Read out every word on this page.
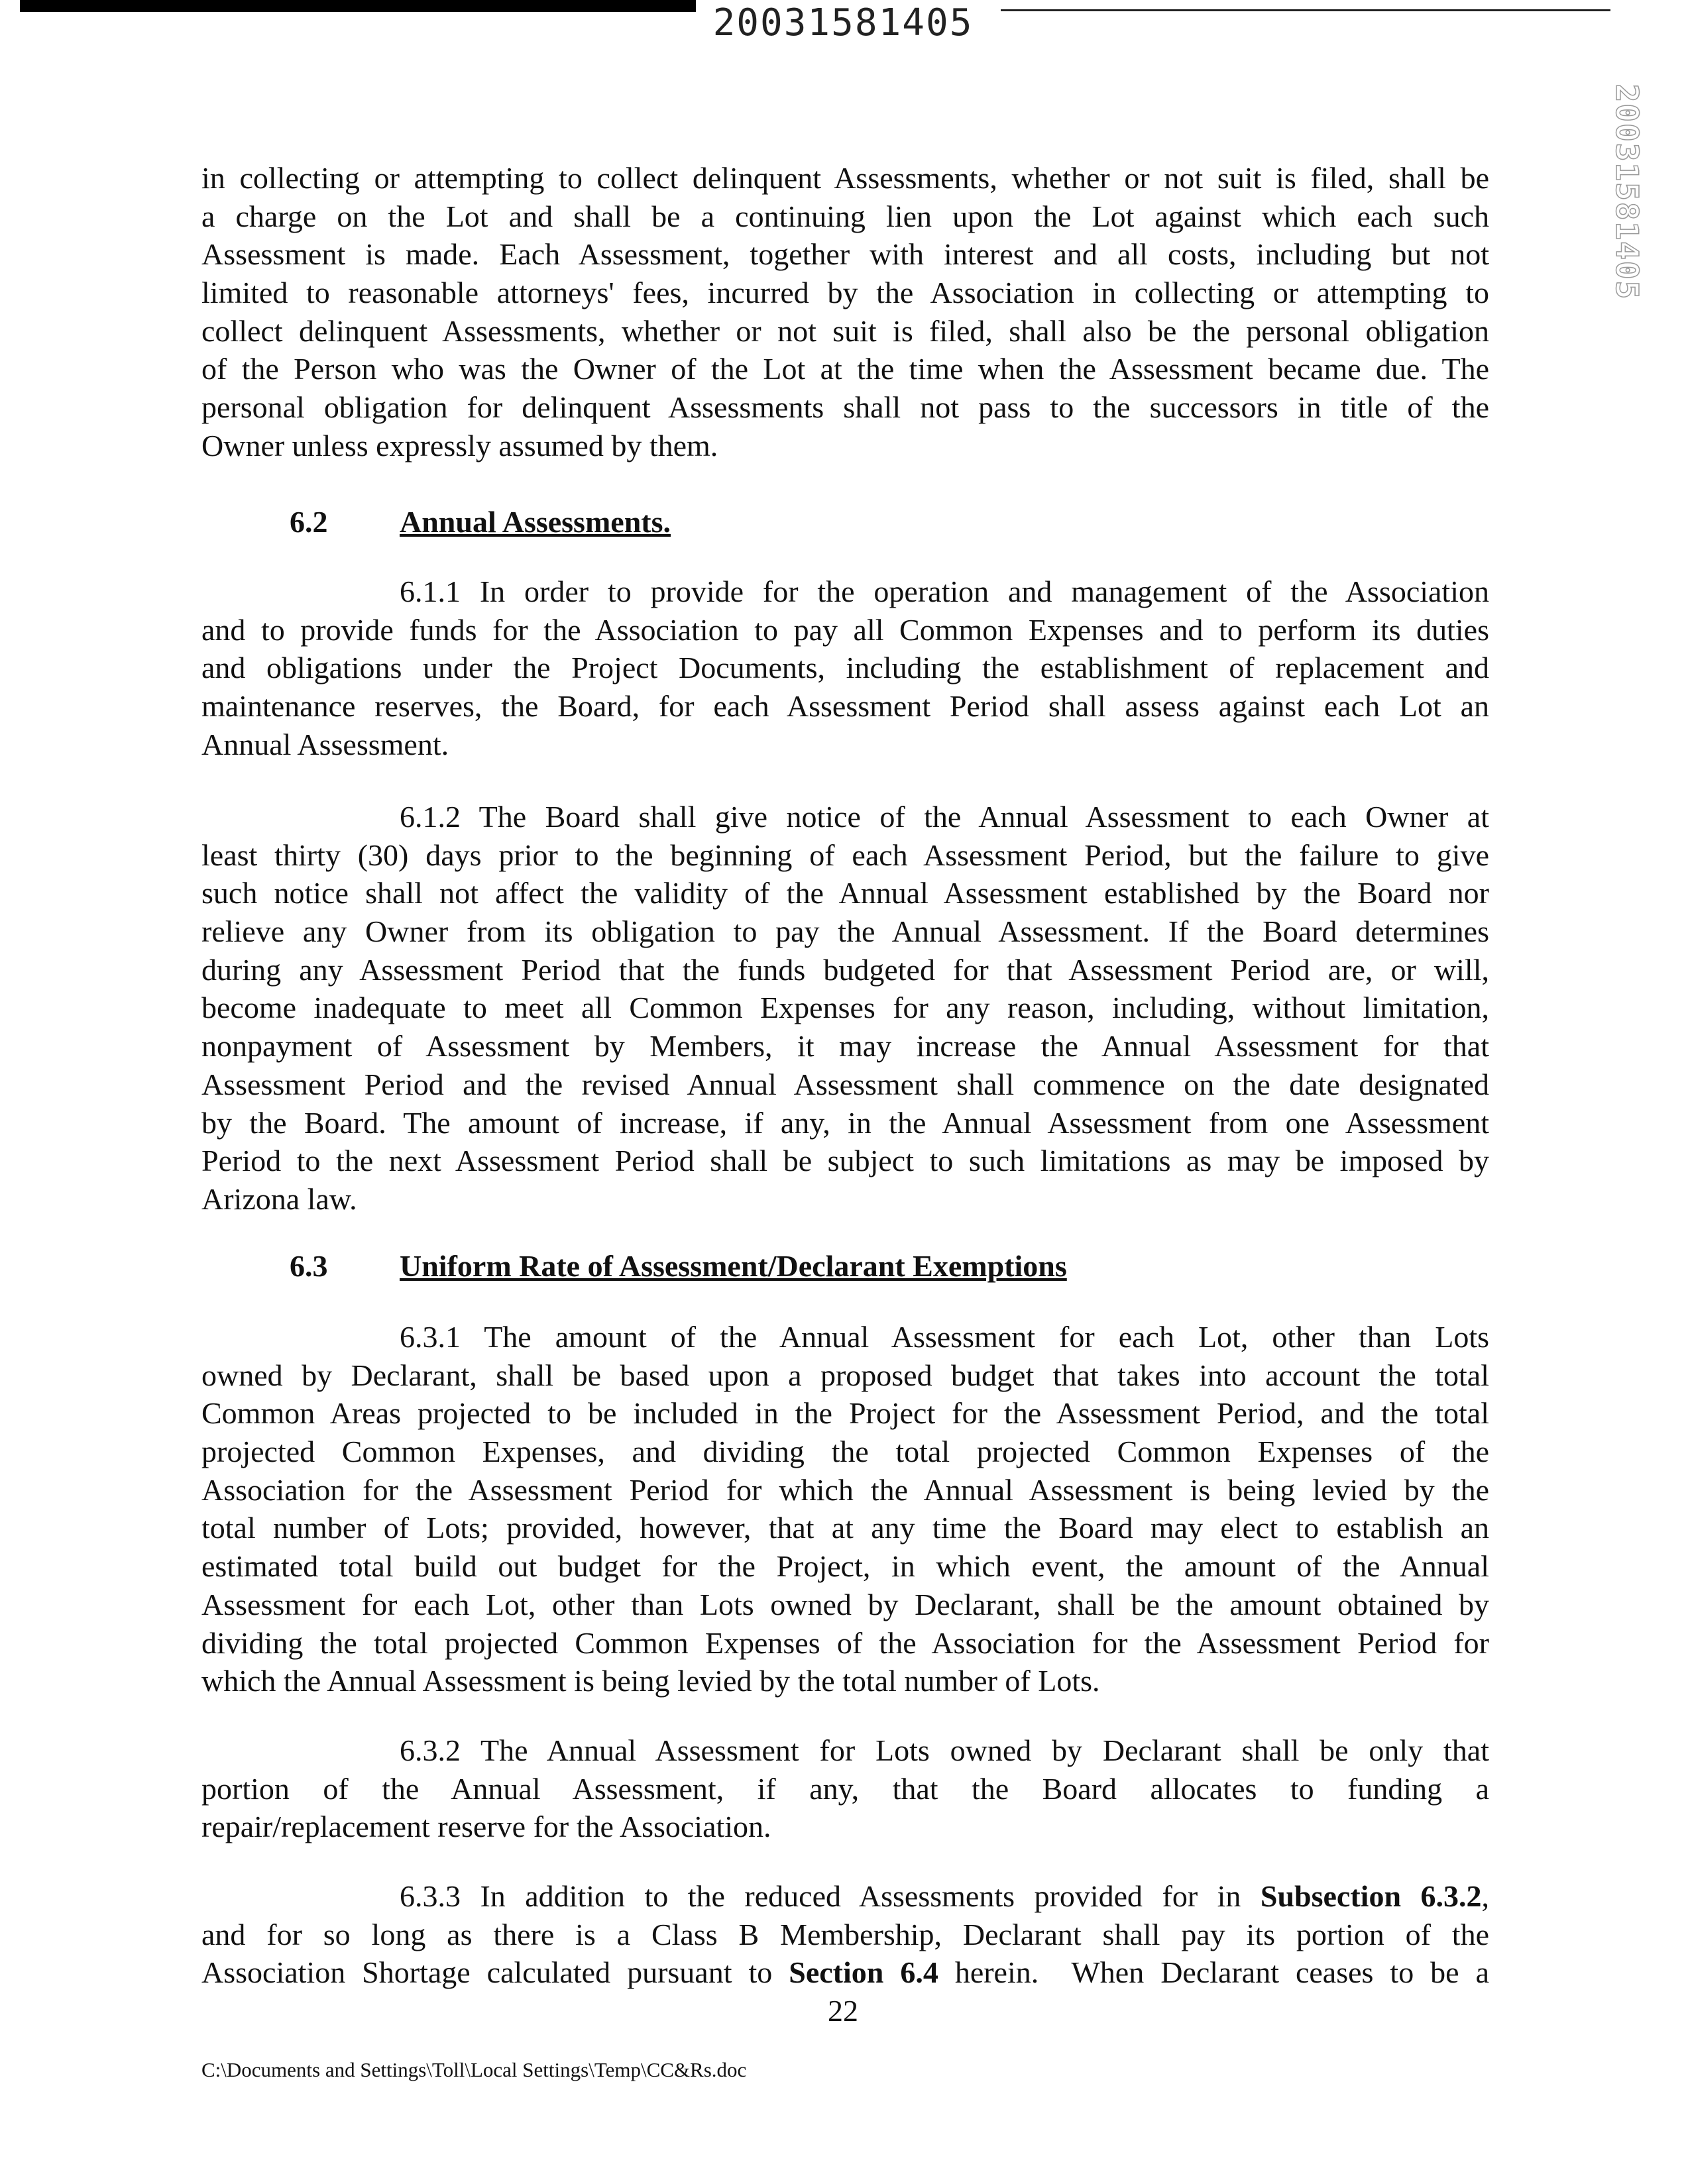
20031581405
20031581405
in collecting or attempting to collect delinquent Assessments, whether or not suit is filed, shall be
a charge on the Lot and shall be a continuing lien upon the Lot against which each such
Assessment is made. Each Assessment, together with interest and all costs, including but not
limited to reasonable attorneys' fees, incurred by the Association in collecting or attempting to
collect delinquent Assessments, whether or not suit is filed, shall also be the personal obligation
of the Person who was the Owner of the Lot at the time when the Assessment became due. The
personal obligation for delinquent Assessments shall not pass to the successors in title of the
Owner unless expressly assumed by them.
6.2 Annual Assessments.
6.1.1 In order to provide for the operation and management of the Association
and to provide funds for the Association to pay all Common Expenses and to perform its duties
and obligations under the Project Documents, including the establishment of replacement and
maintenance reserves, the Board, for each Assessment Period shall assess against each Lot an
Annual Assessment.
6.1.2 The Board shall give notice of the Annual Assessment to each Owner at
least thirty (30) days prior to the beginning of each Assessment Period, but the failure to give
such notice shall not affect the validity of the Annual Assessment established by the Board nor
relieve any Owner from its obligation to pay the Annual Assessment. If the Board determines
during any Assessment Period that the funds budgeted for that Assessment Period are, or will,
become inadequate to meet all Common Expenses for any reason, including, without limitation,
nonpayment of Assessment by Members, it may increase the Annual Assessment for that
Assessment Period and the revised Annual Assessment shall commence on the date designated
by the Board. The amount of increase, if any, in the Annual Assessment from one Assessment
Period to the next Assessment Period shall be subject to such limitations as may be imposed by
Arizona law.
6.3 Uniform Rate of Assessment/Declarant Exemptions
6.3.1 The amount of the Annual Assessment for each Lot, other than Lots
owned by Declarant, shall be based upon a proposed budget that takes into account the total
Common Areas projected to be included in the Project for the Assessment Period, and the total
projected Common Expenses, and dividing the total projected Common Expenses of the
Association for the Assessment Period for which the Annual Assessment is being levied by the
total number of Lots; provided, however, that at any time the Board may elect to establish an
estimated total build out budget for the Project, in which event, the amount of the Annual
Assessment for each Lot, other than Lots owned by Declarant, shall be the amount obtained by
dividing the total projected Common Expenses of the Association for the Assessment Period for
which the Annual Assessment is being levied by the total number of Lots.
6.3.2 The Annual Assessment for Lots owned by Declarant shall be only that
portion of the Annual Assessment, if any, that the Board allocates to funding a
repair/replacement reserve for the Association.
6.3.3 In addition to the reduced Assessments provided for in Subsection 6.3.2,
and for so long as there is a Class B Membership, Declarant shall pay its portion of the
Association Shortage calculated pursuant to Section 6.4 herein.  When Declarant ceases to be a
22
C:\Documents and Settings\Toll\Local Settings\Temp\CC&Rs.doc
